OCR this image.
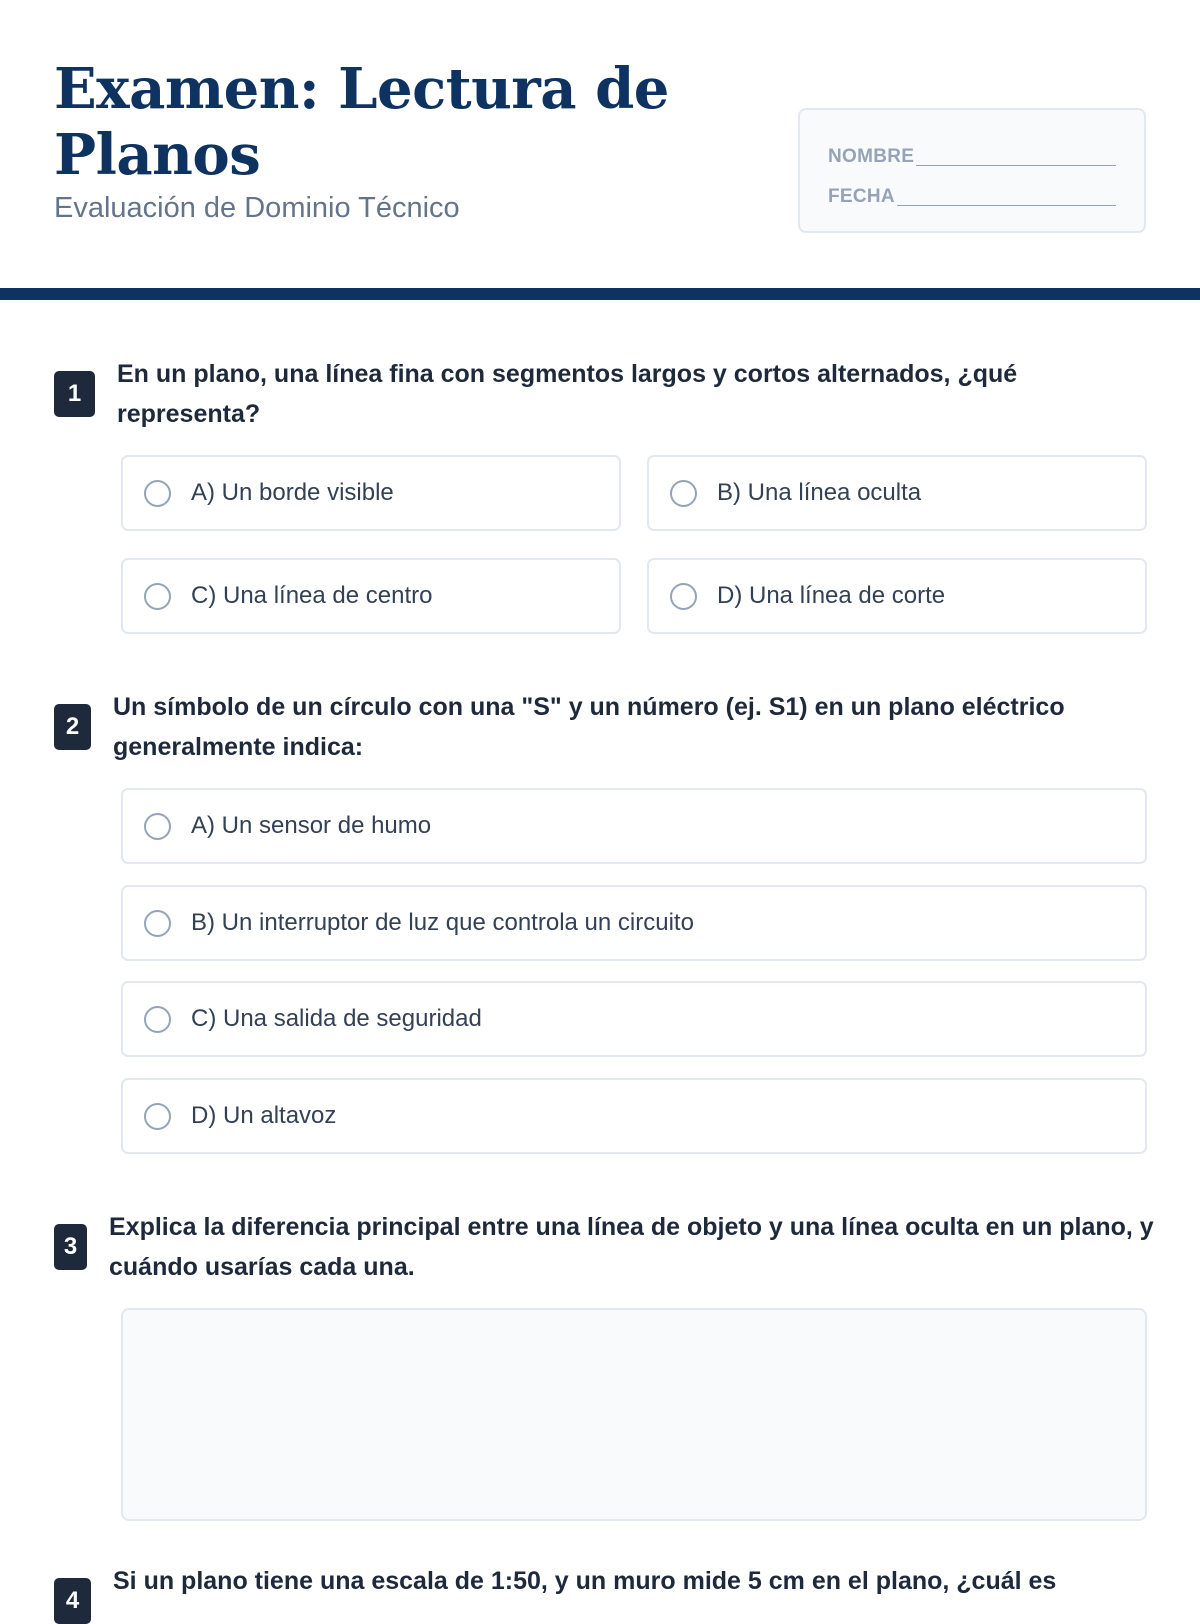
Examen: Lectura de Planos
Evaluación de Dominio Técnico
NOMBRE
FECHA
1
En un plano, una línea fina con segmentos largos y cortos alternados, ¿qué representa?
A) Un borde visible	B) Una línea oculta
C) Una línea de centro	D) Una línea de corte
2
Un símbolo de un círculo con una "S" y un número (ej. S1) en un plano eléctrico generalmente indica:
A) Un sensor de humo
B) Un interruptor de luz que controla un circuito
C) Una salida de seguridad
D) Un altavoz
3
Explica la diferencia principal entre una línea de objeto y una línea oculta en un plano, y cuándo usarías cada una.
4
Si un plano tiene una escala de 1:50, y un muro mide 5 cm en el plano, ¿cuál es
